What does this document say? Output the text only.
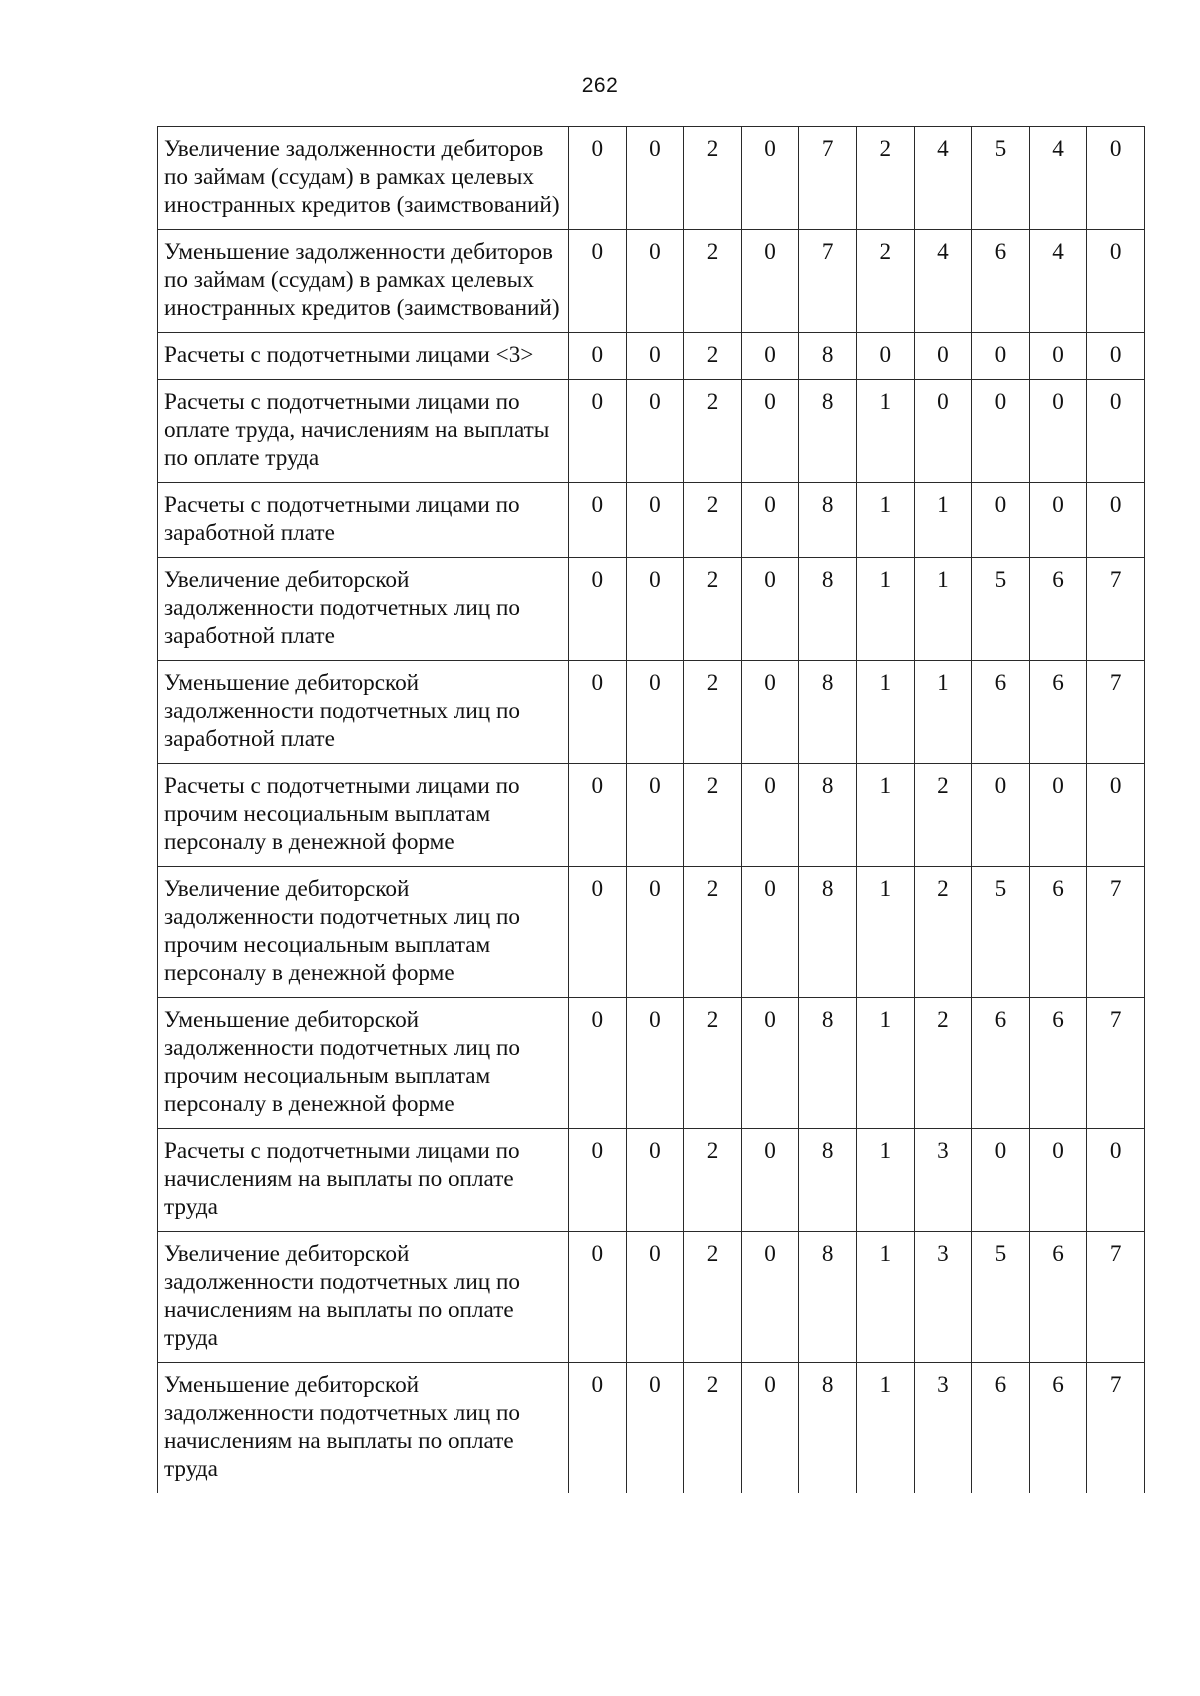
262
Увеличение задолженности дебиторов по займам (ссудам) в рамках целевых иностранных кредитов (заимствований)	0	0	2	0	7	2	4	5	4	0
Уменьшение задолженности дебиторов по займам (ссудам) в рамках целевых иностранных кредитов (заимствований)	0	0	2	0	7	2	4	6	4	0
Расчеты с подотчетными лицами <3>	0	0	2	0	8	0	0	0	0	0
Расчеты с подотчетными лицами по оплате труда, начислениям на выплаты по оплате труда	0	0	2	0	8	1	0	0	0	0
Расчеты с подотчетными лицами по заработной плате	0	0	2	0	8	1	1	0	0	0
Увеличение дебиторской задолженности подотчетных лиц по заработной плате	0	0	2	0	8	1	1	5	6	7
Уменьшение дебиторской задолженности подотчетных лиц по заработной плате	0	0	2	0	8	1	1	6	6	7
Расчеты с подотчетными лицами по прочим несоциальным выплатам персоналу в денежной форме	0	0	2	0	8	1	2	0	0	0
Увеличение дебиторской задолженности подотчетных лиц по прочим несоциальным выплатам персоналу в денежной форме	0	0	2	0	8	1	2	5	6	7
Уменьшение дебиторской задолженности подотчетных лиц по прочим несоциальным выплатам персоналу в денежной форме	0	0	2	0	8	1	2	6	6	7
Расчеты с подотчетными лицами по начислениям на выплаты по оплате труда	0	0	2	0	8	1	3	0	0	0
Увеличение дебиторской задолженности подотчетных лиц по начислениям на выплаты по оплате труда	0	0	2	0	8	1	3	5	6	7
Уменьшение дебиторской задолженности подотчетных лиц по начислениям на выплаты по оплате труда	0	0	2	0	8	1	3	6	6	7
